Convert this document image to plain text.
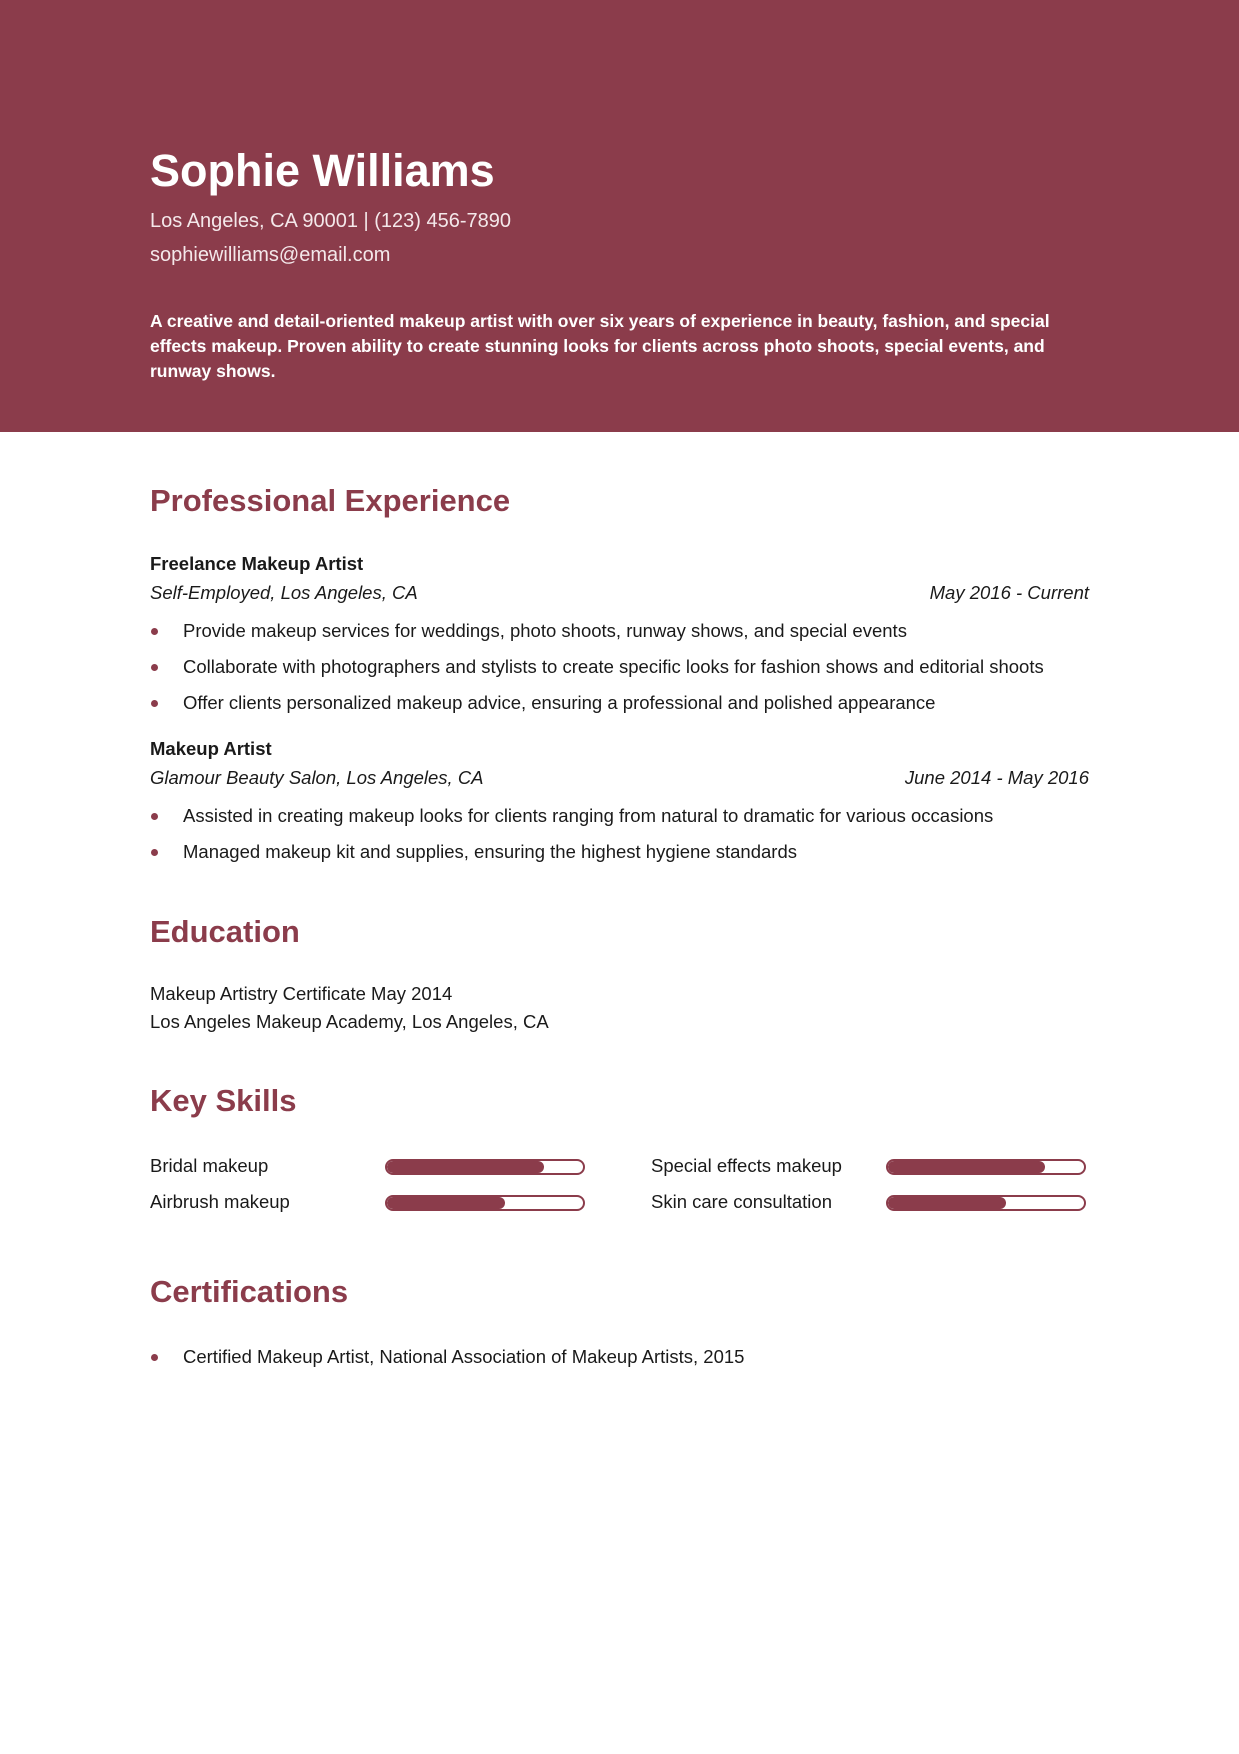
Sophie Williams
Los Angeles, CA 90001 | (123) 456-7890
sophiewilliams@email.com

A creative and detail-oriented makeup artist with over six years of experience in beauty, fashion, and special effects makeup. Proven ability to create stunning looks for clients across photo shoots, special events, and runway shows.

Professional Experience
Freelance Makeup Artist
Self-Employed, Los Angeles, CA	May 2016 - Current
Provide makeup services for weddings, photo shoots, runway shows, and special events
Collaborate with photographers and stylists to create specific looks for fashion shows and editorial shoots
Offer clients personalized makeup advice, ensuring a professional and polished appearance
Makeup Artist
Glamour Beauty Salon, Los Angeles, CA	June 2014 - May 2016
Assisted in creating makeup looks for clients ranging from natural to dramatic for various occasions
Managed makeup kit and supplies, ensuring the highest hygiene standards
Education
Makeup Artistry Certificate May 2014
Los Angeles Makeup Academy, Los Angeles, CA
Key Skills
Bridal makeup	Special effects makeup
Airbrush makeup	Skin care consultation
Certifications
Certified Makeup Artist, National Association of Makeup Artists, 2015
